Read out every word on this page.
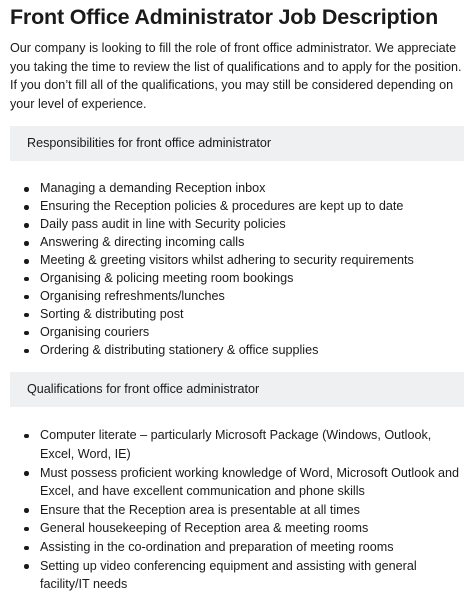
Front Office Administrator Job Description

Our company is looking to fill the role of front office administrator. We appreciate you taking the time to review the list of qualifications and to apply for the position. If you don’t fill all of the qualifications, you may still be considered depending on your level of experience.

Responsibilities for front office administrator
Managing a demanding Reception inbox
Ensuring the Reception policies & procedures are kept up to date
Daily pass audit in line with Security policies
Answering & directing incoming calls
Meeting & greeting visitors whilst adhering to security requirements
Organising & policing meeting room bookings
Organising refreshments/lunches
Sorting & distributing post
Organising couriers
Ordering & distributing stationery & office supplies
Qualifications for front office administrator
Computer literate – particularly Microsoft Package (Windows, Outlook, Excel, Word, IE)
Must possess proficient working knowledge of Word, Microsoft Outlook and Excel, and have excellent communication and phone skills
Ensure that the Reception area is presentable at all times
General housekeeping of Reception area & meeting rooms
Assisting in the co-ordination and preparation of meeting rooms
Setting up video conferencing equipment and assisting with general facility/IT needs
